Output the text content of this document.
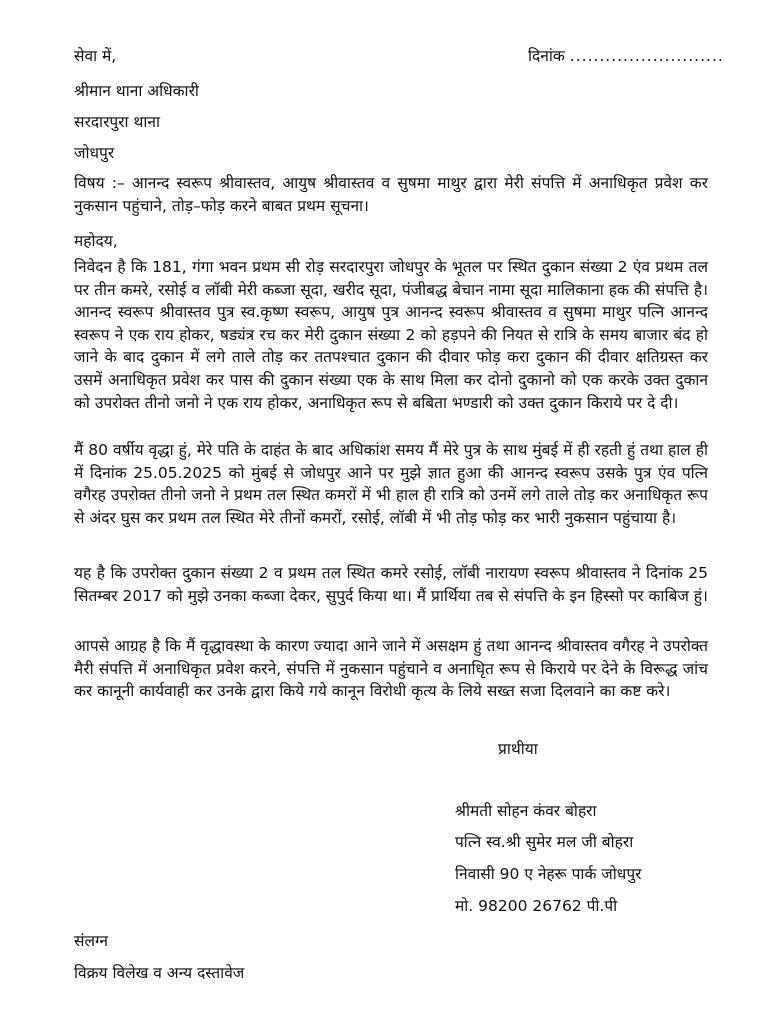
सेवा में,	दिनांक ..........................
श्रीमान थाना अधिकारी
सरदारपुरा थाना
जोधपुर
विषय :– आनन्द स्वरूप श्रीवास्तव, आयुष श्रीवास्तव व सुषमा माथुर द्वारा मेरी संपत्ति में अनाधिकृत प्रवेश कर नुकसान पहुंचाने, तोड़–फोड़ करने बाबत प्रथम सूचना।
महोदय,
निवेदन है कि 181, गंगा भवन प्रथम सी रोड़ सरदारपुरा जोधपुर के भूतल पर स्थित दुकान संख्या 2 एंव प्रथम तल पर तीन कमरे, रसोई व लॉबी मेरी कब्जा सूदा, खरीद सूदा, पंजीबद्ध बेचान नामा सूदा मालिकाना हक की संपत्ति है। आनन्द स्वरूप श्रीवास्तव पुत्र स्व.कृष्ण स्वरूप, आयुष पुत्र आनन्द स्वरूप श्रीवास्तव व सुषमा माथुर पत्नि आनन्द स्वरूप ने एक राय होकर, षड्यंत्र रच कर मेरी दुकान संख्या 2 को हड़पने की नियत से रात्रि के समय बाजार बंद हो जाने के बाद दुकान में लगे ताले तोड़ कर ततपश्चात दुकान की दीवार फोड़ करा दुकान की दीवार क्षतिग्रस्त कर उसमें अनाधिकृत प्रवेश कर पास की दुकान संख्या एक के साथ मिला कर दोनो दुकानो को एक करके उक्त दुकान को उपरोक्त तीनो जनो ने एक राय होकर, अनाधिकृत रूप से बबिता भण्डारी को उक्त दुकान किराये पर दे दी।
मैं 80 वर्षीय वृद्धा हुं, मेरे पति के दाहंत के बाद अधिकांश समय मैं मेरे पुत्र के साथ मुंबई में ही रहती हुं तथा हाल ही में दिनांक 25.05.2025 को मुंबई से जोधपुर आने पर मुझे ज्ञात हुआ की आनन्द स्वरूप उसके पुत्र एंव पत्नि वगैरह उपरोक्त तीनो जनो ने प्रथम तल स्थित कमरों में भी हाल ही रात्रि को उनमें लगे ताले तोड़ कर अनाधिकृत रूप से अंदर घुस कर प्रथम तल स्थित मेरे तीनों कमरों, रसोई, लॉबी में भी तोड़ फोड़ कर भारी नुकसान पहुंचाया है।
यह है कि उपरोक्त दुकान संख्या 2 व प्रथम तल स्थित कमरे रसोई, लॉबी नारायण स्वरूप श्रीवास्तव ने दिनांक 25 सितम्बर 2017 को मुझे उनका कब्जा देकर, सुपुर्द किया था। मैं प्रार्थिया तब से संपत्ति के इन हिस्सो पर काबिज हुं।
आपसे आग्रह है कि मैं वृद्धावस्था के कारण ज्यादा आने जाने में असक्षम हुं तथा आनन्द श्रीवास्तव वगैरह ने उपरोक्त मैरी संपत्ति में अनाधिकृत प्रवेश करने, संपत्ति में नुकसान पहुंचाने व अनाधिृत रूप से किराये पर देने के विरूद्ध जांच कर कानूनी कार्यवाही कर उनके द्वारा किये गये कानून विरोधी कृत्य के लिये सख्त सजा दिलवाने का कष्ट करे।
प्राथीया
श्रीमती सोहन कंवर बोहरा
पत्नि स्व.श्री सुमेर मल जी बोहरा
निवासी 90 ए नेहरू पार्क जोधपुर
मो. 98200 26762 पी.पी
संलग्न
विक्रय विलेख व अन्य दस्तावेज
